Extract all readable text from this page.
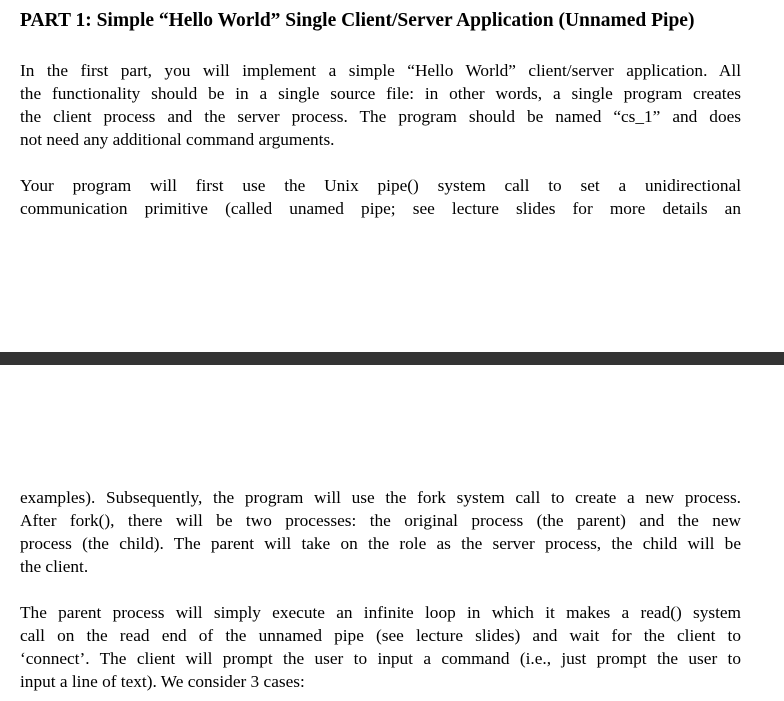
PART 1: Simple “Hello World” Single Client/Server Application (Unnamed Pipe)

In the first part, you will implement a simple “Hello World” client/server application. All
the functionality should be in a single source file: in other words, a single program creates
the client process and the server process. The program should be named “cs_1” and does
not need any additional command arguments.

Your program will first use the Unix pipe() system call to set a unidirectional
communication primitive (called unamed pipe; see lecture slides for more details an

examples). Subsequently, the program will use the fork system call to create a new process.
After fork(), there will be two processes: the original process (the parent) and the new
process (the child). The parent will take on the role as the server process, the child will be
the client.

The parent process will simply execute an infinite loop in which it makes a read() system
call on the read end of the unnamed pipe (see lecture slides) and wait for the client to
‘connect’. The client will prompt the user to input a command (i.e., just prompt the user to
input a line of text). We consider 3 cases:
